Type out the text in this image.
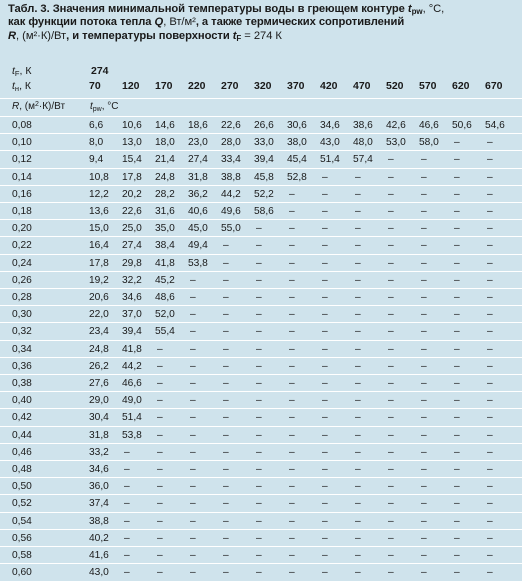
Табл. 3. Значения минимальной температуры воды в греющем контуре $t_{pw}$, °С,
как функции потока тепла Q, Вт/м², а также термических сопротивлений
R, (м²·К)/Вт, и температуры поверхности $t_F = 274$ К
$t_F$, К	274
$t_н$, К	70 120 170 220 270 320 370 420 470 520 570 620 670
R, $(м^2\cdot К)/Вт$ $t_{pw}$, °С
0,08	6,6 10,6 14,6 18,6 22,6 26,6 30,6 34,6 38,6 42,6 46,6 50,6 54,6
0,10	8,0 13,0 18,0 23,0 28,0 33,0 38,0 43,0 48,0 53,0 58,0 –	–
0,12	9,4 15,4 21,4 27,4 33,4 39,4 45,4 51,4 57,4 –	–	–	–
0,14	10,8 17,8 24,8 31,8 38,8 45,8 52,8 –	–	–	–	–	–
0,16	12,2 20,2 28,2 36,2 44,2 52,2 –	–	–	–	–	–	–
0,18	13,6 22,6 31,6 40,6 49,6 58,6 –	–	–	–	–	–	–
0,20	15,0 25,0 35,0 45,0 55,0 –	–	–	–	–	–	–	–
0,22	16,4 27,4 38,4 49,4 –	–	–	–	–	–	–	–	–
0,24	17,8 29,8 41,8 53,8 –	–	–	–	–	–	–	–	–
0,26	19,2 32,2 45,2 –	–	–	–	–	–	–	–	–	–
0,28	20,6 34,6 48,6 –	–	–	–	–	–	–	–	–	–
0,30	22,0 37,0 52,0 –	–	–	–	–	–	–	–	–	–
0,32	23,4 39,4 55,4 –	–	–	–	–	–	–	–	–	–
0,34	24,8 41,8 –	–	–	–	–	–	–	–	–	–	–
0,36	26,2 44,2 –	–	–	–	–	–	–	–	–	–	–
0,38	27,6 46,6 –	–	–	–	–	–	–	–	–	–	–
0,40	29,0 49,0 –	–	–	–	–	–	–	–	–	–	–
0,42	30,4 51,4 –	–	–	–	–	–	–	–	–	–	–
0,44	31,8 53,8 –	–	–	–	–	–	–	–	–	–	–
0,46	33,2 –	–	–	–	–	–	–	–	–	–	–	–
0,48	34,6 –	–	–	–	–	–	–	–	–	–	–	–
0,50	36,0 –	–	–	–	–	–	–	–	–	–	–	–
0,52	37,4 –	–	–	–	–	–	–	–	–	–	–	–
0,54	38,8 –	–	–	–	–	–	–	–	–	–	–	–
0,56	40,2 –	–	–	–	–	–	–	–	–	–	–	–
0,58	41,6 –	–	–	–	–	–	–	–	–	–	–	–
0,60	43,0 –	–	–	–	–	–	–	–	–	–	–	–
